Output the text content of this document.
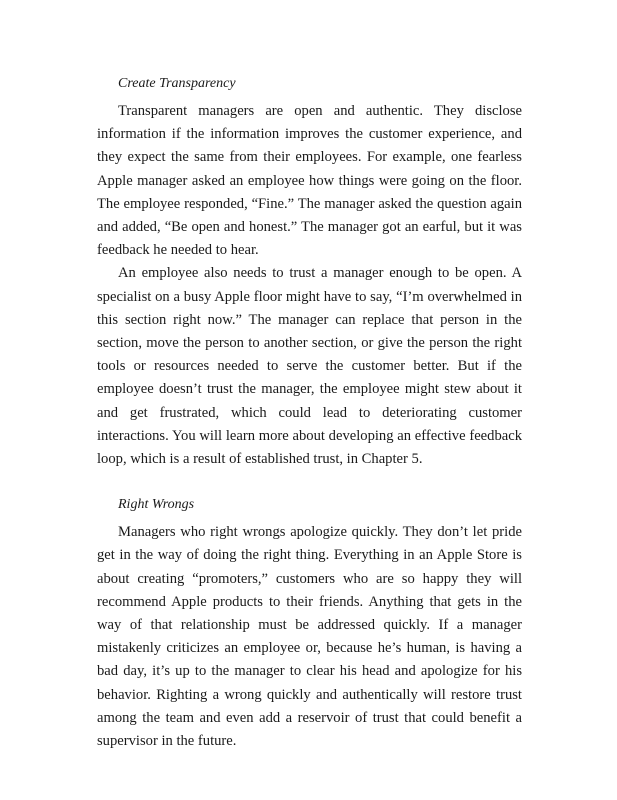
Create Transparency

Transparent managers are open and authentic. They disclose information if the information improves the customer experience, and they expect the same from their employees. For example, one fearless Apple manager asked an employee how things were going on the floor. The employee responded, “Fine.” The manager asked the question again and added, “Be open and honest.” The manager got an earful, but it was feedback he needed to hear.

An employee also needs to trust a manager enough to be open. A specialist on a busy Apple floor might have to say, “I’m overwhelmed in this section right now.” The manager can replace that person in the section, move the person to another section, or give the person the right tools or resources needed to serve the customer better. But if the employee doesn’t trust the manager, the employee might stew about it and get frustrated, which could lead to deteriorating customer interactions. You will learn more about developing an effective feedback loop, which is a result of established trust, in Chapter 5.

Right Wrongs

Managers who right wrongs apologize quickly. They don’t let pride get in the way of doing the right thing. Everything in an Apple Store is about creating “promoters,” customers who are so happy they will recommend Apple products to their friends. Anything that gets in the way of that relationship must be addressed quickly. If a manager mistakenly criticizes an employee or, because he’s human, is having a bad day, it’s up to the manager to clear his head and apologize for his behavior. Righting a wrong quickly and authentically will restore trust among the team and even add a reservoir of trust that could benefit a supervisor in the future.
